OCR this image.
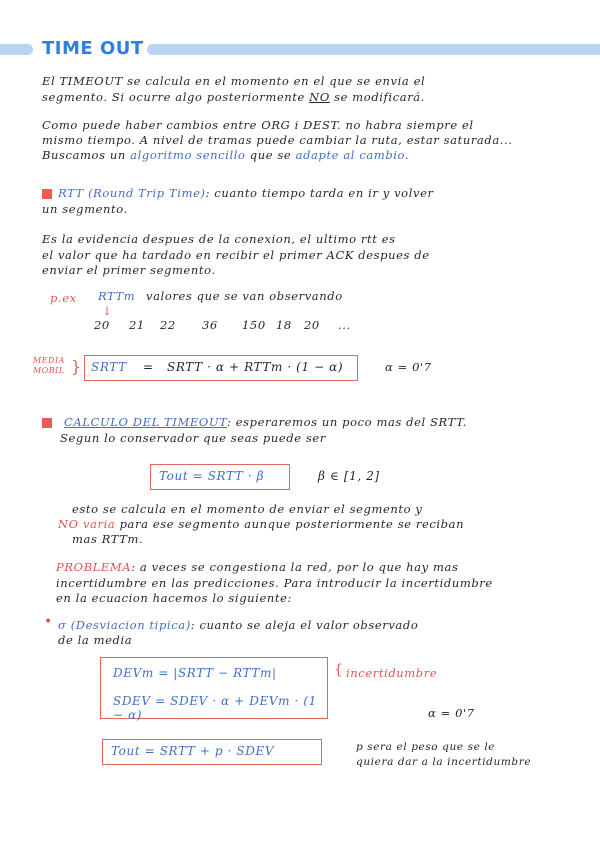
TIME OUT
El TIMEOUT se calcula en el momento en el que se envia el
segmento. Si ocurre algo posteriormente NO se modificará.
Como puede haber cambios entre ORG i DEST. no habra siempre el
mismo tiempo. A nivel de tramas puede cambiar la ruta, estar saturada...
Buscamos un algoritmo sencillo que se adapte al cambio.
RTT (Round Trip Time): cuanto tiempo tarda en ir y volver
un segmento.
Es la evidencia despues de la conexion, el ultimo rtt es
el valor que ha tardado en recibir el primer ACK despues de
enviar el primer segmento.
p.ex RTTm valores que se van observando
↓
20 21 22 36 150 18 20 ...
MEDIA
MOBIL } SRTT = SRTT · α + RTTm · (1 − α)	α = 0'7
CALCULO DEL TIMEOUT: esperaremos un poco mas del SRTT.
Segun lo conservador que seas puede ser
Tout = SRTT · β	β ∈ [1, 2]
esto se calcula en el momento de enviar el segmento y
NO varia para ese segmento aunque posteriormente se reciban
mas RTTm.
PROBLEMA: a veces se congestiona la red, por lo que hay mas
incertidumbre en las predicciones. Para introducir la incertidumbre
en la ecuacion hacemos lo siguiente:
• σ (Desviacion tipica): cuanto se aleja el valor observado
de la media
DEVm = |SRTT − RTTm|
SDEV = SDEV · α + DEVm · (1 − α)
{ incertidumbre
α = 0'7
Tout = SRTT + p · SDEV	p sera el peso que se le
quiera dar a la incertidumbre
